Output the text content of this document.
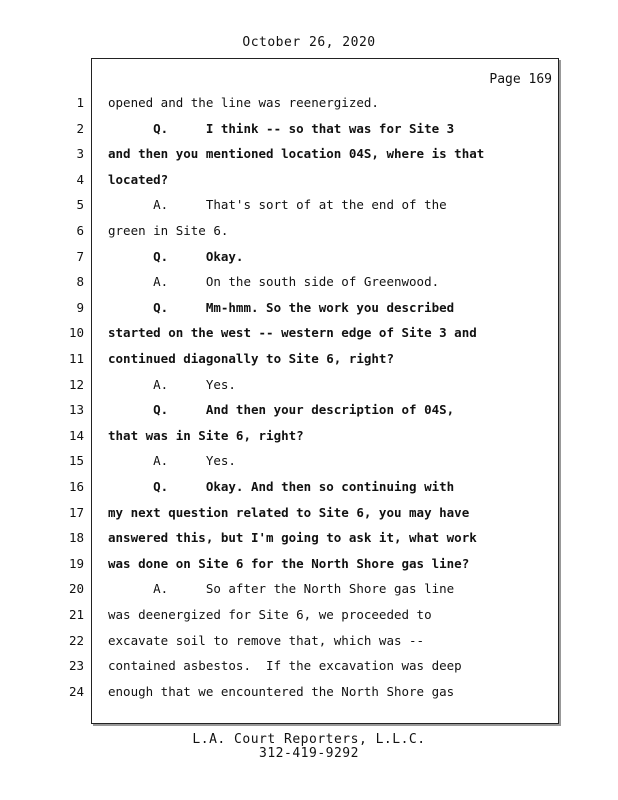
October 26, 2020
Page 169
1 opened and the line was reenergized.
2 Q.     I think -- so that was for Site 3
3 and then you mentioned location 04S, where is that
4 located?
5 A.     That's sort of at the end of the
6 green in Site 6.
7 Q.     Okay.
8 A.     On the south side of Greenwood.
9 Q.     Mm-hmm. So the work you described
10 started on the west -- western edge of Site 3 and
11 continued diagonally to Site 6, right?
12 A.     Yes.
13 Q.     And then your description of 04S,
14 that was in Site 6, right?
15 A.     Yes.
16 Q.     Okay. And then so continuing with
17 my next question related to Site 6, you may have
18 answered this, but I'm going to ask it, what work
19 was done on Site 6 for the North Shore gas line?
20 A.     So after the North Shore gas line
21 was deenergized for Site 6, we proceeded to
22 excavate soil to remove that, which was --
23 contained asbestos.  If the excavation was deep
24 enough that we encountered the North Shore gas
L.A. Court Reporters, L.L.C.
312-419-9292
